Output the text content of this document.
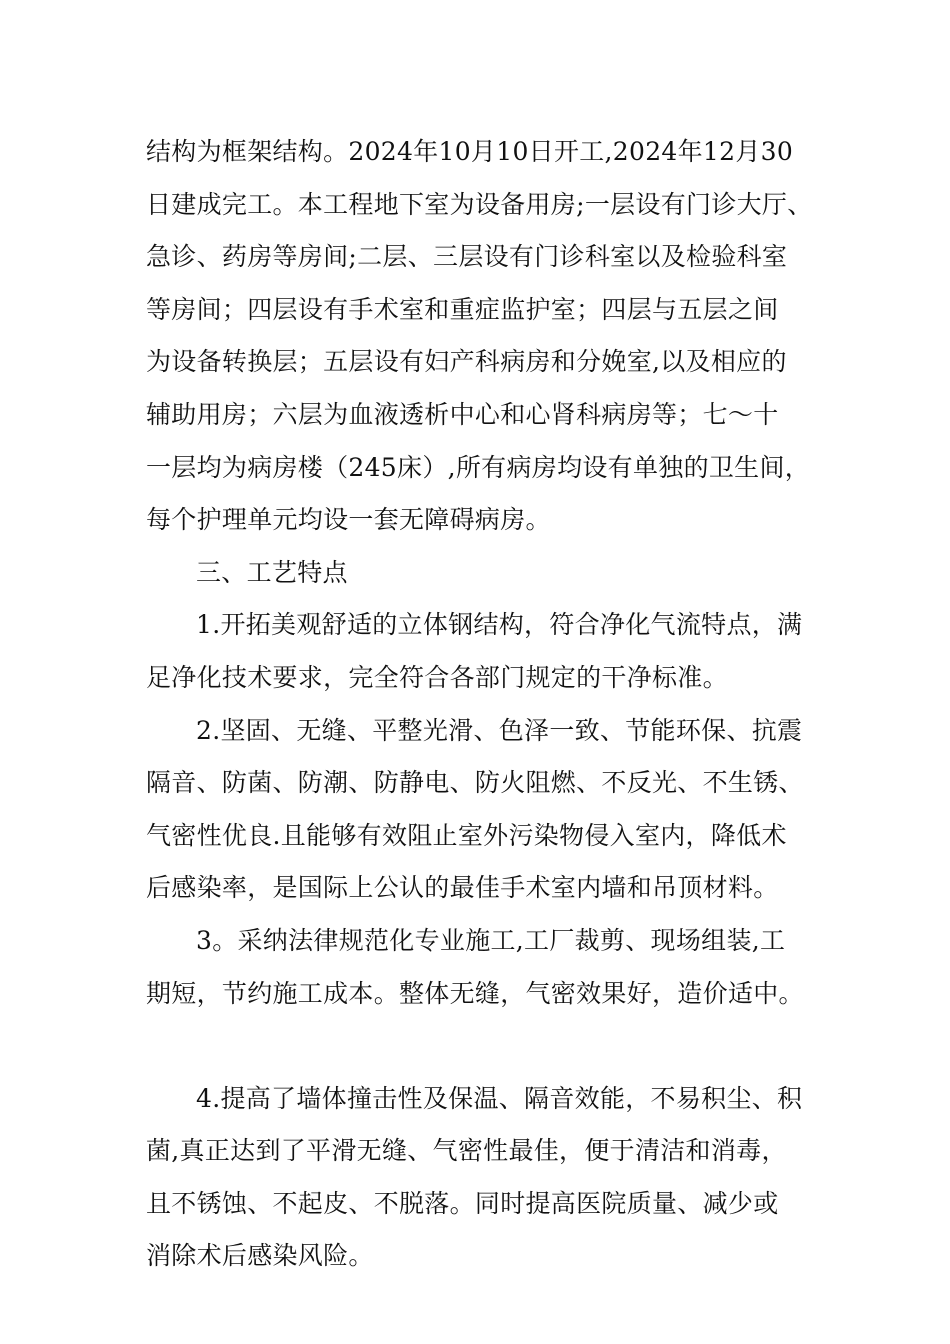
结构为框架结构。2024年10月10日开工,2024年12月30
日建成完工。本工程地下室为设备用房;一层设有门诊大厅、
急诊、药房等房间;二层、三层设有门诊科室以及检验科室
等房间；四层设有手术室和重症监护室；四层与五层之间
为设备转换层；五层设有妇产科病房和分娩室,以及相应的
辅助用房；六层为血液透析中心和心肾科病房等；七～十
一层均为病房楼（245床）,所有病房均设有单独的卫生间，
每个护理单元均设一套无障碍病房。
三、工艺特点
1.开拓美观舒适的立体钢结构，符合净化气流特点，满
足净化技术要求，完全符合各部门规定的干净标准。
2.坚固、无缝、平整光滑、色泽一致、节能环保、抗震
隔音、防菌、防潮、防静电、防火阻燃、不反光、不生锈、
气密性优良.且能够有效阻止室外污染物侵入室内，降低术
后感染率，是国际上公认的最佳手术室内墙和吊顶材料。
3。采纳法律规范化专业施工,工厂裁剪、现场组装,工
期短，节约施工成本。整体无缝，气密效果好，造价适中。
4.提高了墙体撞击性及保温、隔音效能，不易积尘、积
菌,真正达到了平滑无缝、气密性最佳，便于清洁和消毒，
且不锈蚀、不起皮、不脱落。同时提高医院质量、减少或
消除术后感染风险。
